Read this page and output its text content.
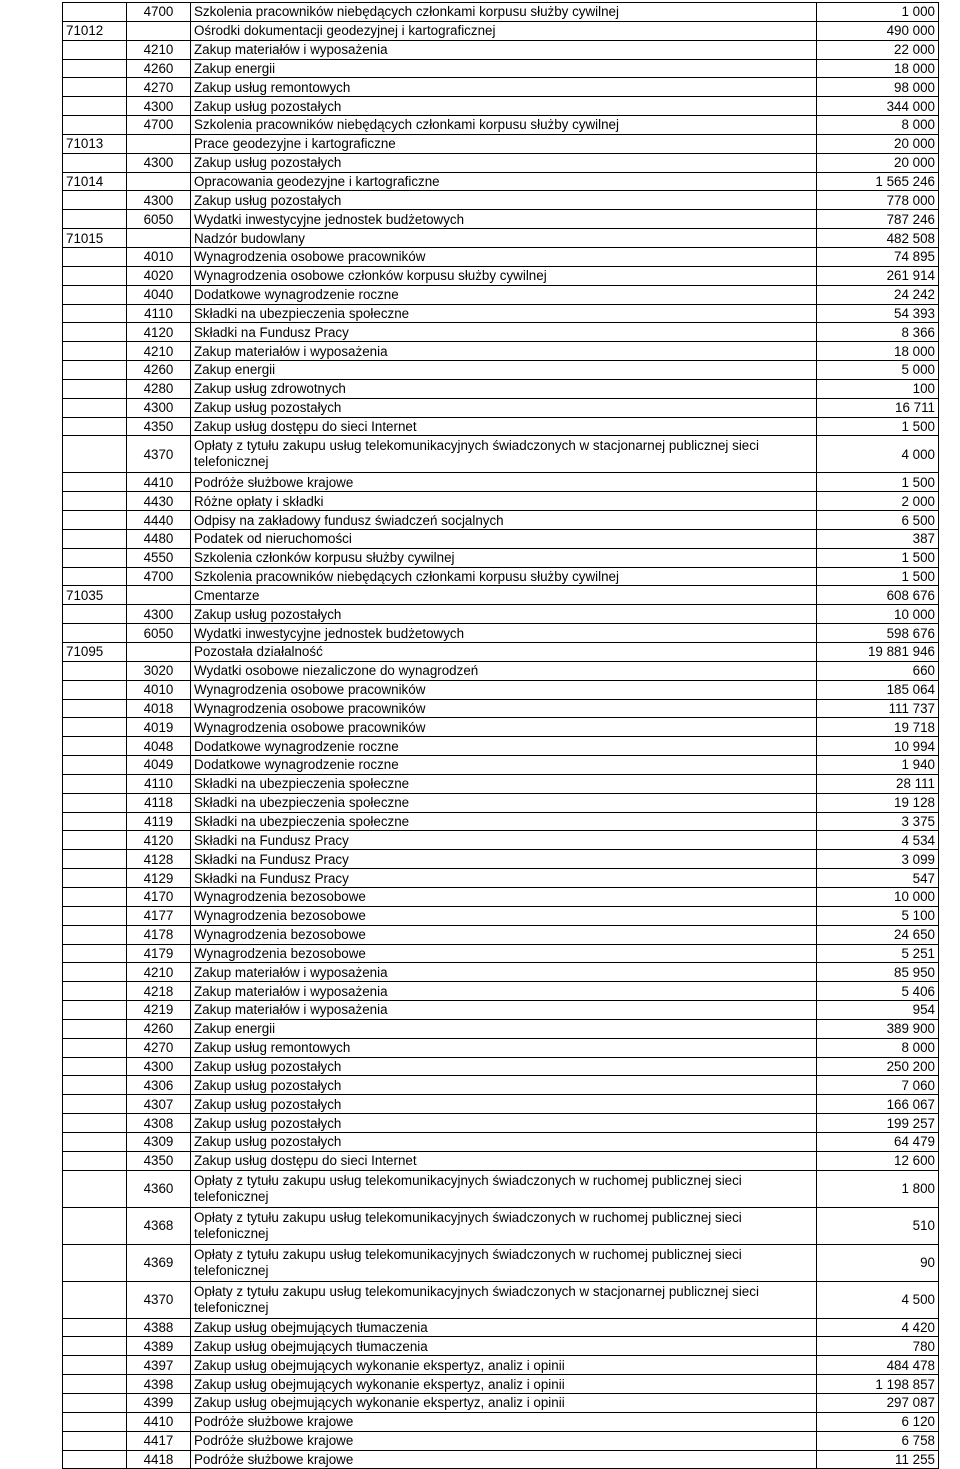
	4700	Szkolenia pracowników niebędących członkami korpusu służby cywilnej	1 000
71012		Ośrodki dokumentacji geodezyjnej i kartograficznej	490 000
	4210	Zakup materiałów i wyposażenia	22 000
	4260	Zakup energii	18 000
	4270	Zakup usług remontowych	98 000
	4300	Zakup usług pozostałych	344 000
	4700	Szkolenia pracowników niebędących członkami korpusu służby cywilnej	8 000
71013		Prace geodezyjne i kartograficzne	20 000
	4300	Zakup usług pozostałych	20 000
71014		Opracowania geodezyjne i kartograficzne	1 565 246
	4300	Zakup usług pozostałych	778 000
	6050	Wydatki inwestycyjne jednostek budżetowych	787 246
71015		Nadzór budowlany	482 508
	4010	Wynagrodzenia osobowe pracowników	74 895
	4020	Wynagrodzenia osobowe członków korpusu służby cywilnej	261 914
	4040	Dodatkowe wynagrodzenie roczne	24 242
	4110	Składki na ubezpieczenia społeczne	54 393
	4120	Składki na Fundusz Pracy	8 366
	4210	Zakup materiałów i wyposażenia	18 000
	4260	Zakup energii	5 000
	4280	Zakup usług zdrowotnych	100
	4300	Zakup usług pozostałych	16 711
	4350	Zakup usług dostępu do sieci Internet	1 500
	4370	Opłaty z tytułu zakupu usług telekomunikacyjnych świadczonych w stacjonarnej publicznej sieci telefonicznej	4 000
	4410	Podróże służbowe krajowe	1 500
	4430	Różne opłaty i składki	2 000
	4440	Odpisy na zakładowy fundusz świadczeń socjalnych	6 500
	4480	Podatek od nieruchomości	387
	4550	Szkolenia członków korpusu służby cywilnej	1 500
	4700	Szkolenia pracowników niebędących członkami korpusu służby cywilnej	1 500
71035		Cmentarze	608 676
	4300	Zakup usług pozostałych	10 000
	6050	Wydatki inwestycyjne jednostek budżetowych	598 676
71095		Pozostała działalność	19 881 946
	3020	Wydatki osobowe niezaliczone do wynagrodzeń	660
	4010	Wynagrodzenia osobowe pracowników	185 064
	4018	Wynagrodzenia osobowe pracowników	111 737
	4019	Wynagrodzenia osobowe pracowników	19 718
	4048	Dodatkowe wynagrodzenie roczne	10 994
	4049	Dodatkowe wynagrodzenie roczne	1 940
	4110	Składki na ubezpieczenia społeczne	28 111
	4118	Składki na ubezpieczenia społeczne	19 128
	4119	Składki na ubezpieczenia społeczne	3 375
	4120	Składki na Fundusz Pracy	4 534
	4128	Składki na Fundusz Pracy	3 099
	4129	Składki na Fundusz Pracy	547
	4170	Wynagrodzenia bezosobowe	10 000
	4177	Wynagrodzenia bezosobowe	5 100
	4178	Wynagrodzenia bezosobowe	24 650
	4179	Wynagrodzenia bezosobowe	5 251
	4210	Zakup materiałów i wyposażenia	85 950
	4218	Zakup materiałów i wyposażenia	5 406
	4219	Zakup materiałów i wyposażenia	954
	4260	Zakup energii	389 900
	4270	Zakup usług remontowych	8 000
	4300	Zakup usług pozostałych	250 200
	4306	Zakup usług pozostałych	7 060
	4307	Zakup usług pozostałych	166 067
	4308	Zakup usług pozostałych	199 257
	4309	Zakup usług pozostałych	64 479
	4350	Zakup usług dostępu do sieci Internet	12 600
	4360	Opłaty z tytułu zakupu usług telekomunikacyjnych świadczonych w ruchomej publicznej sieci telefonicznej	1 800
	4368	Opłaty z tytułu zakupu usług telekomunikacyjnych świadczonych w ruchomej publicznej sieci telefonicznej	510
	4369	Opłaty z tytułu zakupu usług telekomunikacyjnych świadczonych w ruchomej publicznej sieci telefonicznej	90
	4370	Opłaty z tytułu zakupu usług telekomunikacyjnych świadczonych w stacjonarnej publicznej sieci telefonicznej	4 500
	4388	Zakup usług obejmujących tłumaczenia	4 420
	4389	Zakup usług obejmujących tłumaczenia	780
	4397	Zakup usług obejmujących wykonanie ekspertyz, analiz i opinii	484 478
	4398	Zakup usług obejmujących wykonanie ekspertyz, analiz i opinii	1 198 857
	4399	Zakup usług obejmujących wykonanie ekspertyz, analiz i opinii	297 087
	4410	Podróże służbowe krajowe	6 120
	4417	Podróże służbowe krajowe	6 758
	4418	Podróże służbowe krajowe	11 255
